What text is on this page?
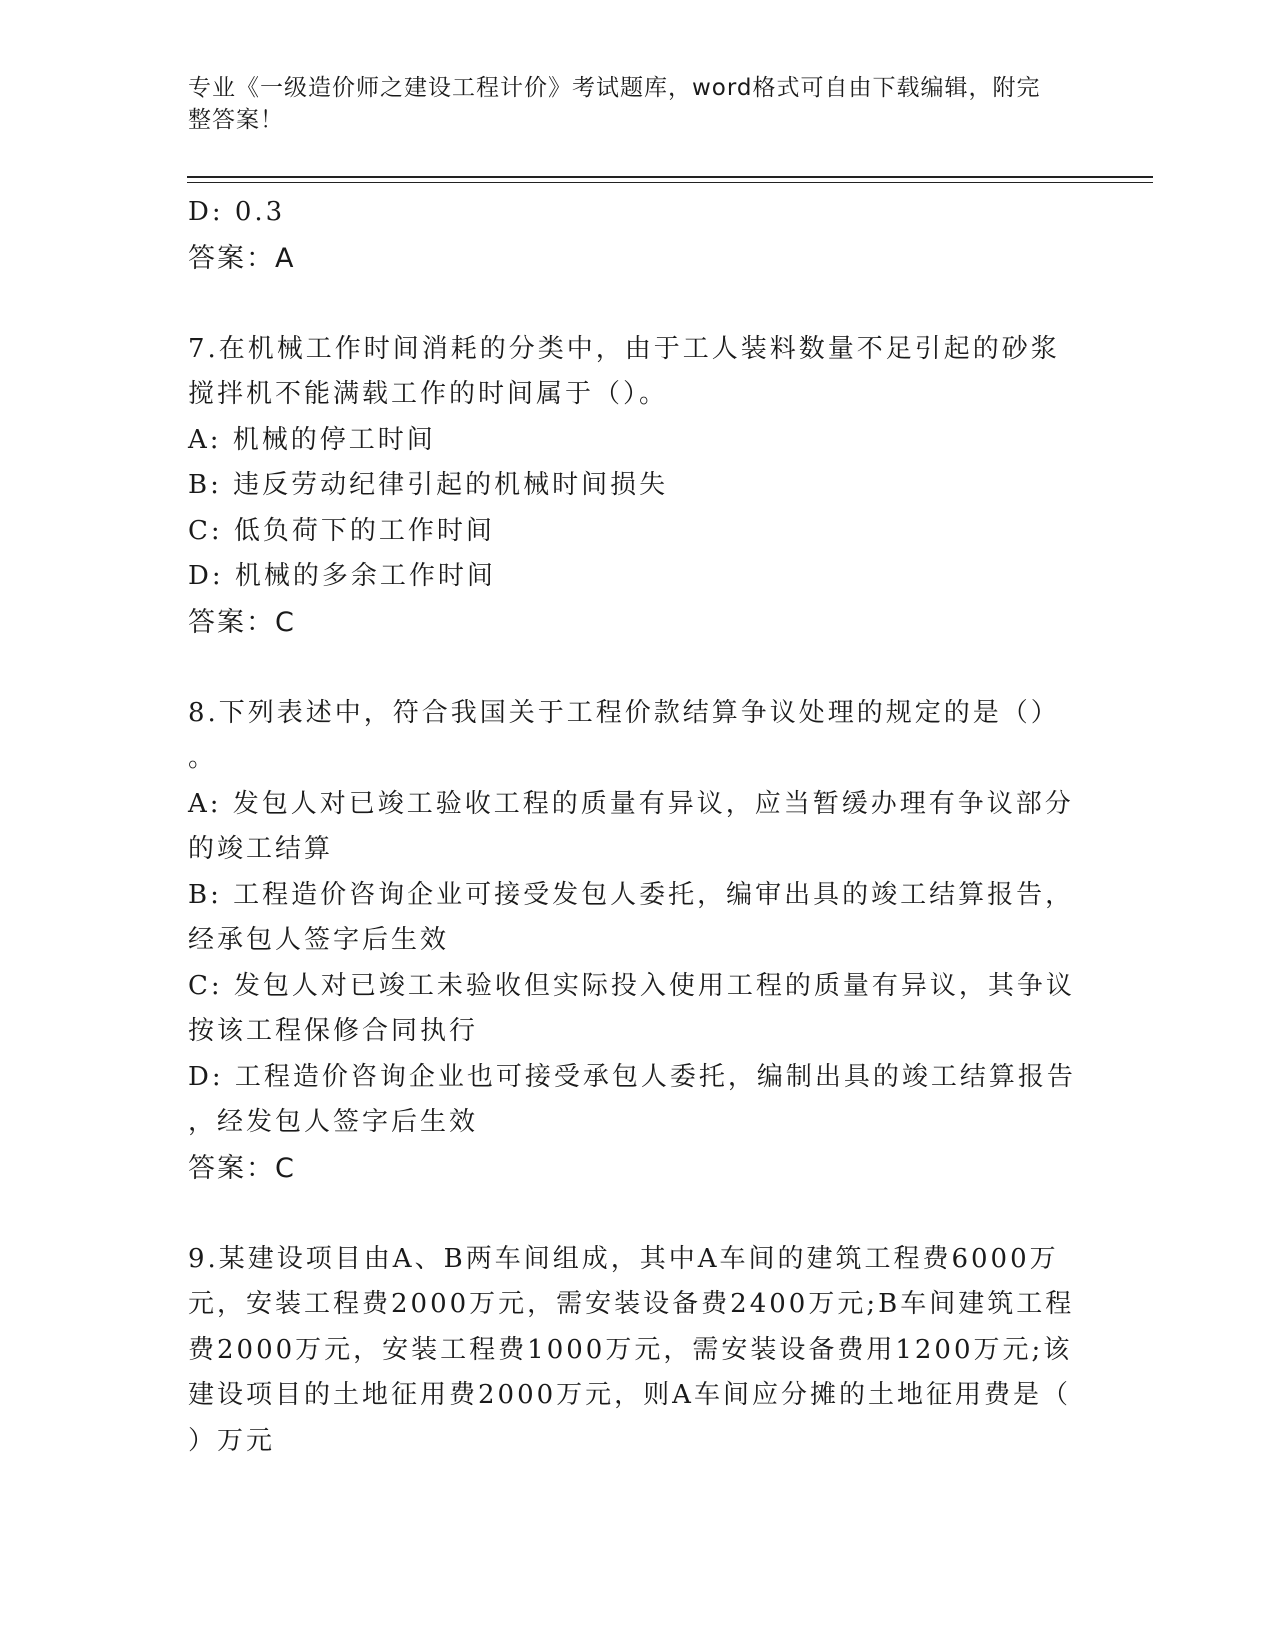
专业《一级造价师之建设工程计价》考试题库，word格式可自由下载编辑，附完
整答案！

D: 0.3

答案：A

7.在机械工作时间消耗的分类中，由于工人装料数量不足引起的砂浆

搅拌机不能满载工作的时间属于（）。

A: 机械的停工时间

B: 违反劳动纪律引起的机械时间损失

C: 低负荷下的工作时间

D: 机械的多余工作时间

答案：C

8.下列表述中，符合我国关于工程价款结算争议处理的规定的是（）

。

A: 发包人对已竣工验收工程的质量有异议，应当暂缓办理有争议部分

的竣工结算

B: 工程造价咨询企业可接受发包人委托，编审出具的竣工结算报告，

经承包人签字后生效

C: 发包人对已竣工未验收但实际投入使用工程的质量有异议，其争议

按该工程保修合同执行

D: 工程造价咨询企业也可接受承包人委托，编制出具的竣工结算报告

，经发包人签字后生效

答案：C

9.某建设项目由A、B两车间组成，其中A车间的建筑工程费6000万

元，安装工程费2000万元，需安装设备费2400万元;B车间建筑工程

费2000万元，安装工程费1000万元，需安装设备费用1200万元;该

建设项目的土地征用费2000万元，则A车间应分摊的土地征用费是（

）万元
